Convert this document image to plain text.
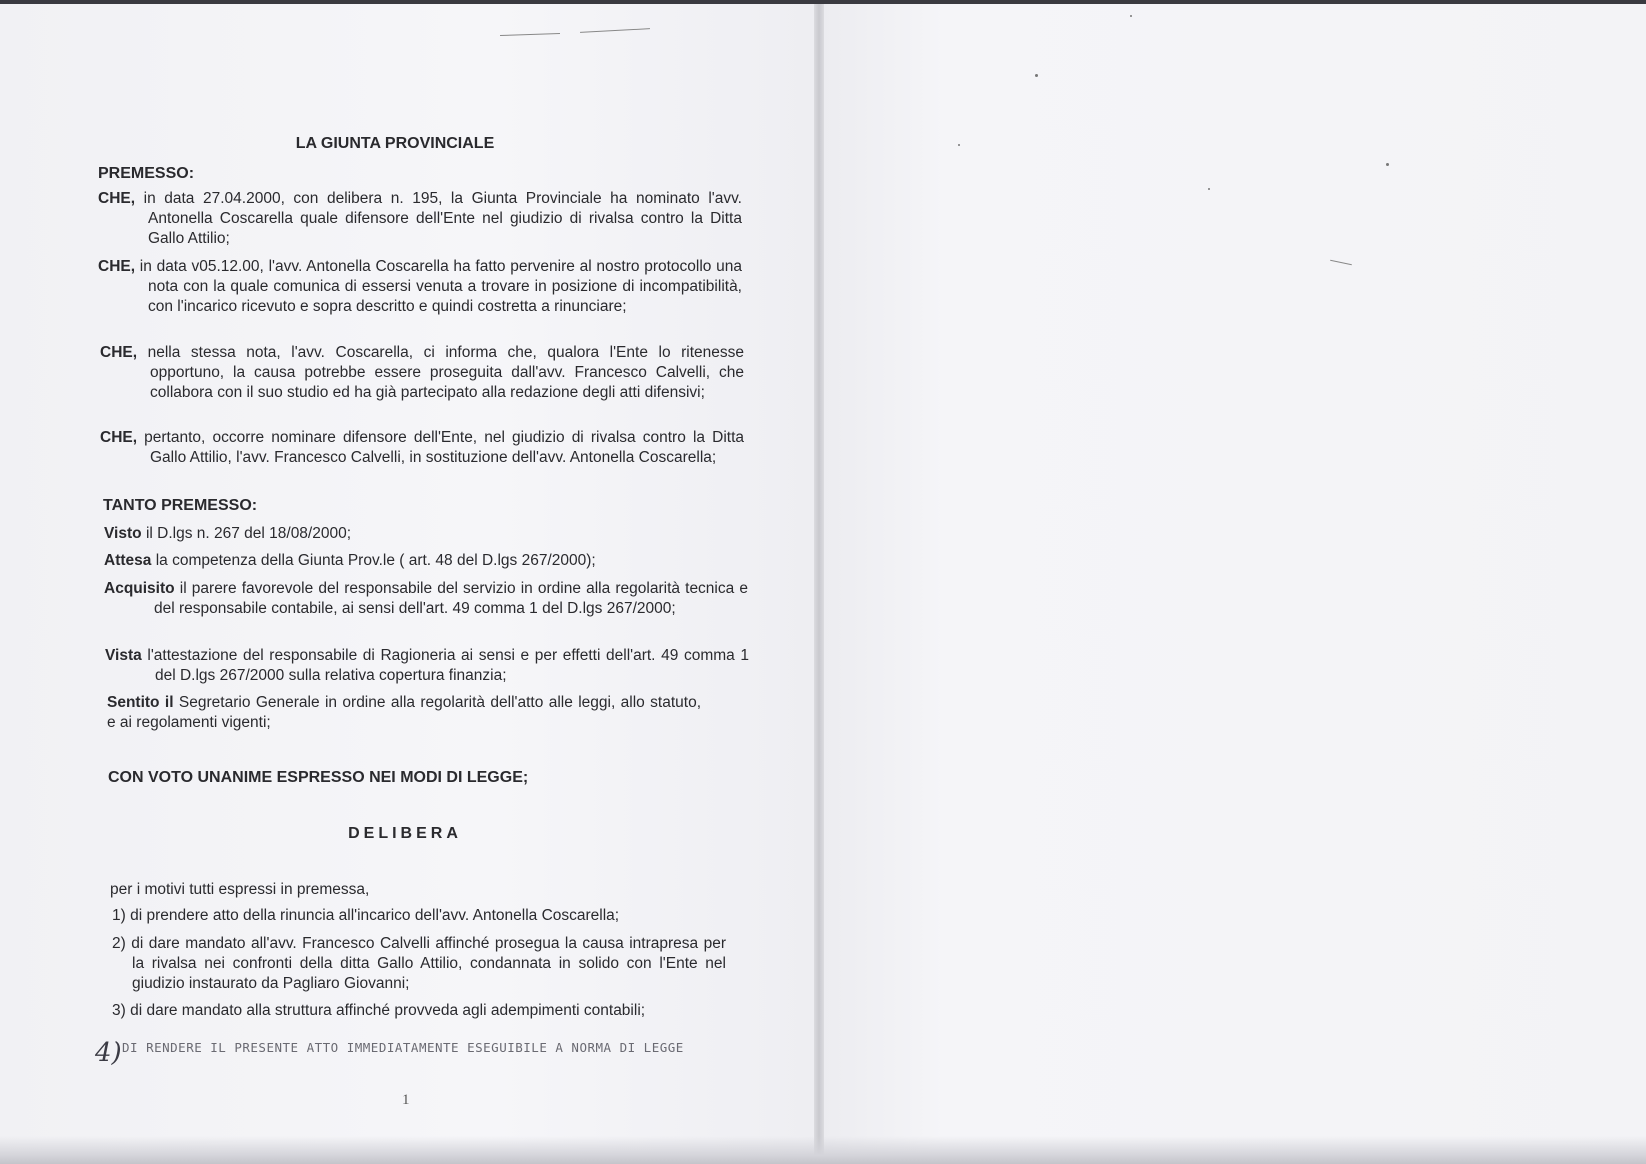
LA GIUNTA PROVINCIALE
PREMESSO:

CHE, in data 27.04.2000, con delibera n. 195, la Giunta Provinciale ha nominato l'avv. Antonella Coscarella quale difensore dell'Ente nel giudizio di rivalsa contro la Ditta Gallo Attilio;

CHE, in data v05.12.00, l'avv. Antonella Coscarella ha fatto pervenire al nostro protocollo una nota con la quale comunica di essersi venuta a trovare in posizione di incompatibilità, con l'incarico ricevuto e sopra descritto e quindi costretta a rinunciare;

CHE, nella stessa nota, l'avv. Coscarella, ci informa che, qualora l'Ente lo ritenesse opportuno, la causa potrebbe essere proseguita dall'avv. Francesco Calvelli, che collabora con il suo studio ed ha già partecipato alla redazione degli atti difensivi;

CHE, pertanto, occorre nominare difensore dell'Ente, nel giudizio di rivalsa contro la Ditta Gallo Attilio, l'avv. Francesco Calvelli, in sostituzione dell'avv. Antonella Coscarella;

TANTO PREMESSO:

Visto il D.lgs n. 267 del 18/08/2000;

Attesa la competenza della Giunta Prov.le ( art. 48 del D.lgs 267/2000);

Acquisito il parere favorevole del responsabile del servizio in ordine alla regolarità tecnica e del responsabile contabile, ai sensi dell'art. 49 comma 1 del D.lgs 267/2000;

Vista l'attestazione del responsabile di Ragioneria ai sensi e per effetti dell'art. 49 comma 1 del D.lgs 267/2000 sulla relativa copertura finanzia;

Sentito il Segretario Generale in ordine alla regolarità dell'atto alle leggi, allo statuto, e ai regolamenti vigenti;

CON VOTO UNANIME ESPRESSO NEI MODI DI LEGGE;
DELIBERA
per i motivi tutti espressi in premessa,

1) di prendere atto della rinuncia all'incarico dell'avv. Antonella Coscarella;

2) di dare mandato all'avv. Francesco Calvelli affinché prosegua la causa intrapresa per la rivalsa nei confronti della ditta Gallo Attilio, condannata in solido con l'Ente nel giudizio instaurato da Pagliaro Giovanni;

3) di dare mandato alla struttura affinché provveda agli adempimenti contabili;

4) DI RENDERE IL PRESENTE ATTO IMMEDIATAMENTE ESEGUIBILE A NORMA DI LEGGE
1
